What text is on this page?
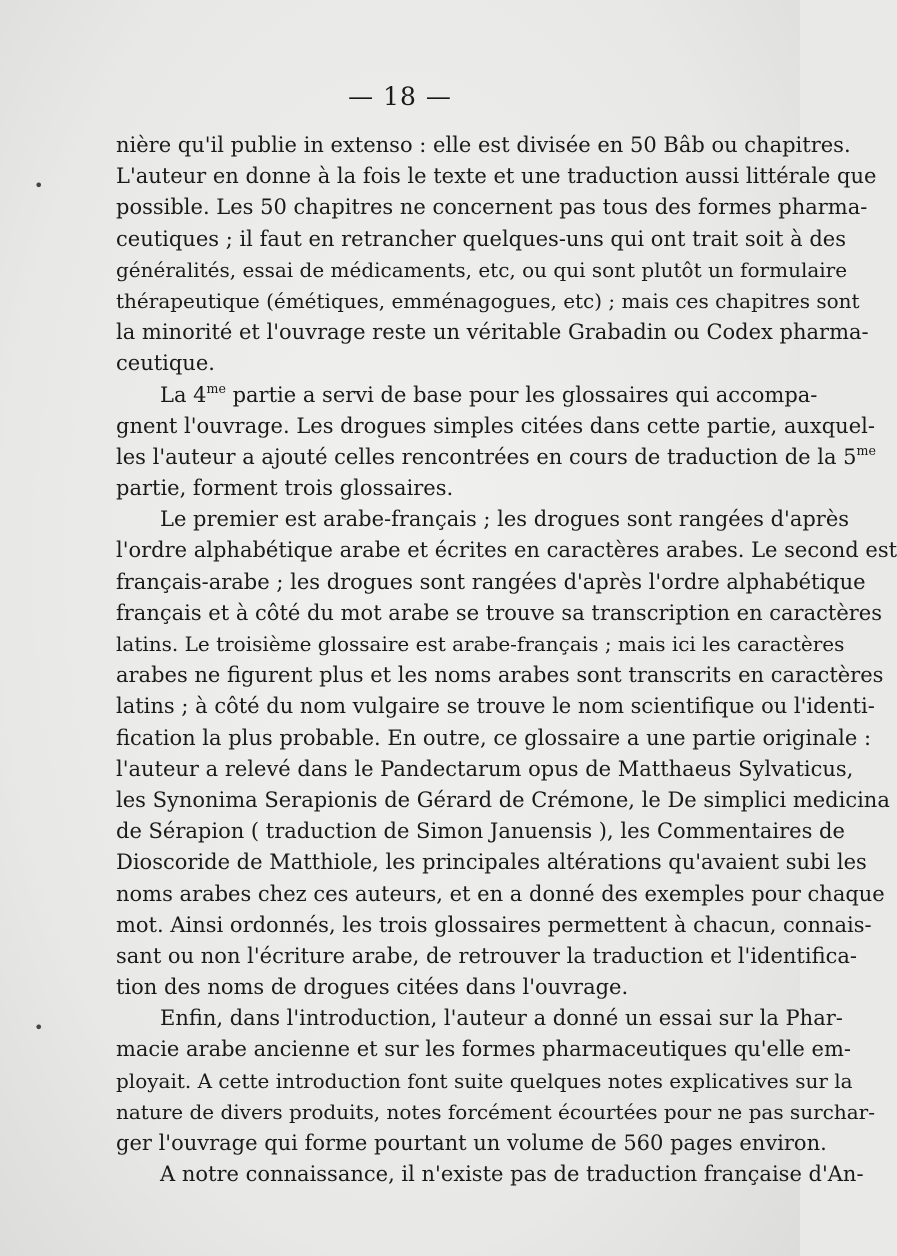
•
•
— 18 —
nière qu'il publie in extenso : elle est divisée en 50 Bâb ou chapitres.
L'auteur en donne à la fois le texte et une traduction aussi littérale que
possible. Les 50 chapitres ne concernent pas tous des formes pharma-
ceutiques ; il faut en retrancher quelques-uns qui ont trait soit à des
généralités, essai de médicaments, etc, ou qui sont plutôt un formulaire
thérapeutique (émétiques, emménagogues, etc) ; mais ces chapitres sont
la minorité et l'ouvrage reste un véritable Grabadin ou Codex pharma-
ceutique.
La $4^{me}$ partie a servi de base pour les glossaires qui accompa-
gnent l'ouvrage. Les drogues simples citées dans cette partie, auxquel-
les l'auteur a ajouté celles rencontrées en cours de traduction de la $5^{me}$
partie, forment trois glossaires.
Le premier est arabe-français ; les drogues sont rangées d'après
l'ordre alphabétique arabe et écrites en caractères arabes. Le second est
français-arabe ; les drogues sont rangées d'après l'ordre alphabétique
français et à côté du mot arabe se trouve sa transcription en caractères
latins. Le troisième glossaire est arabe-français ; mais ici les caractères
arabes ne figurent plus et les noms arabes sont transcrits en caractères
latins ; à côté du nom vulgaire se trouve le nom scientifique ou l'identi-
fication la plus probable. En outre, ce glossaire a une partie originale :
l'auteur a relevé dans le Pandectarum opus de Matthaeus Sylvaticus,
les Synonima Serapionis de Gérard de Crémone, le De simplici medicina
de Sérapion ( traduction de Simon Januensis ), les Commentaires de
Dioscoride de Matthiole, les principales altérations qu'avaient subi les
noms arabes chez ces auteurs, et en a donné des exemples pour chaque
mot. Ainsi ordonnés, les trois glossaires permettent à chacun, connais-
sant ou non l'écriture arabe, de retrouver la traduction et l'identifica-
tion des noms de drogues citées dans l'ouvrage.
Enfin, dans l'introduction, l'auteur a donné un essai sur la Phar-
macie arabe ancienne et sur les formes pharmaceutiques qu'elle em-
ployait. A cette introduction font suite quelques notes explicatives sur la
nature de divers produits, notes forcément écourtées pour ne pas surchar-
ger l'ouvrage qui forme pourtant un volume de 560 pages environ.
A notre connaissance, il n'existe pas de traduction française d'An-
